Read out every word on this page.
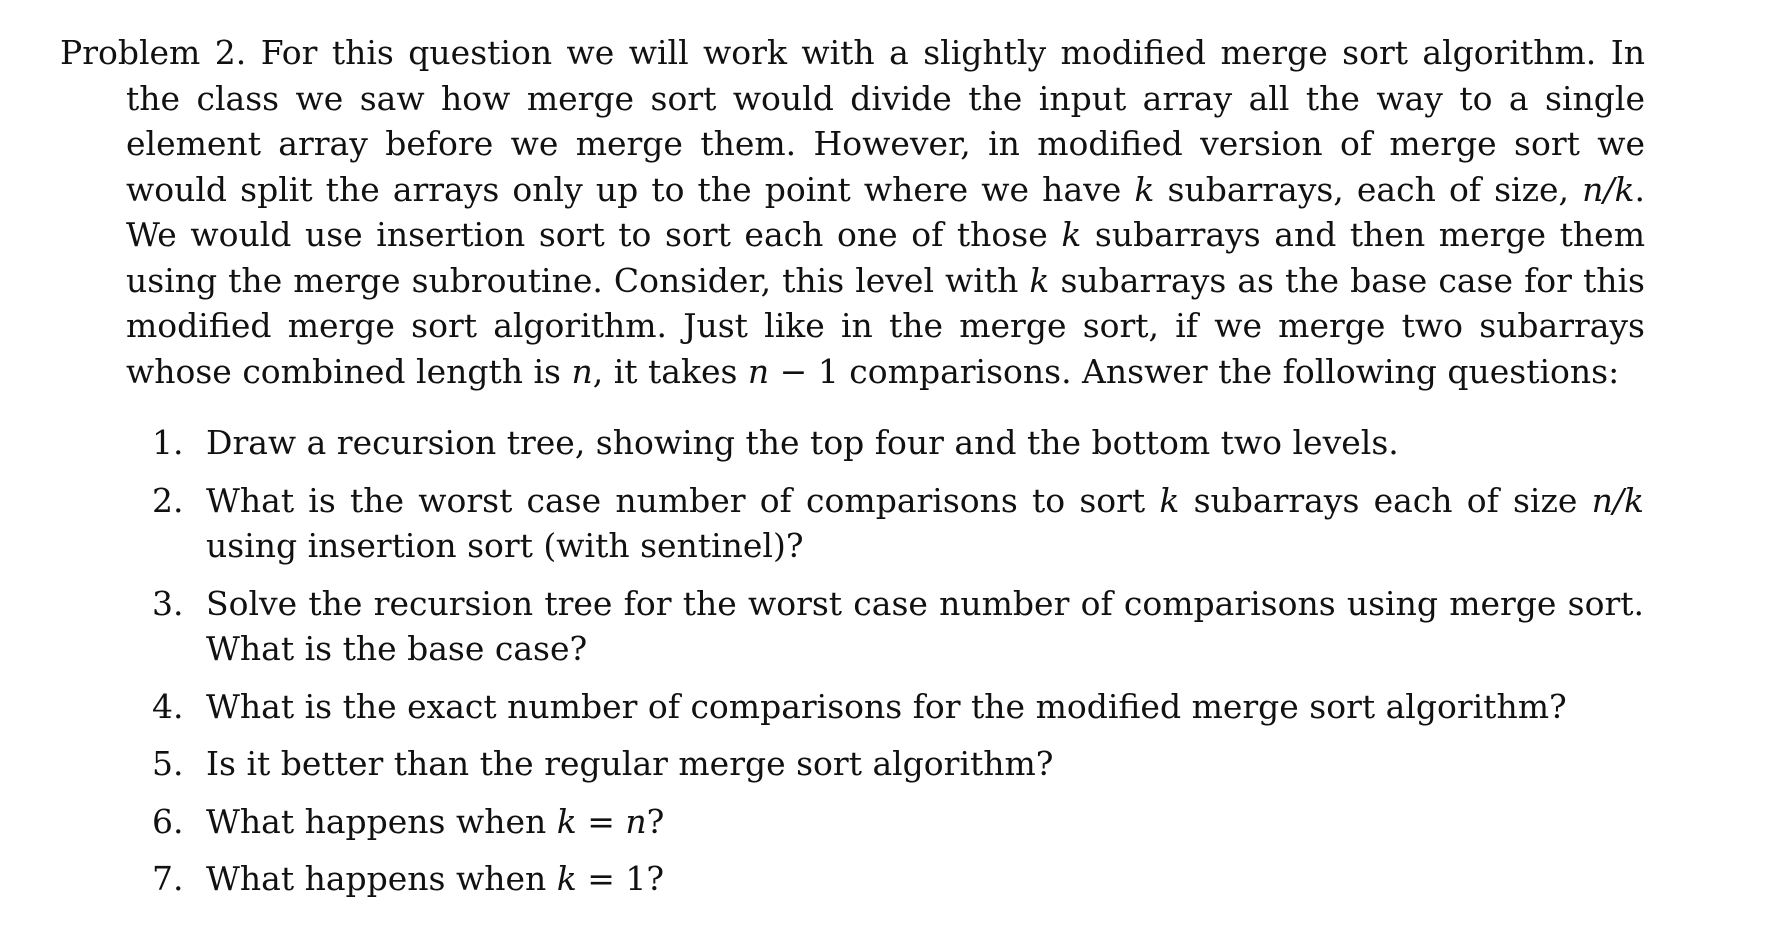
Problem 2. For this question we will work with a slightly modified merge sort algorithm. In the class we saw how merge sort would divide the input array all the way to a single element array before we merge them. However, in modified version of merge sort we would split the arrays only up to the point where we have k subarrays, each of size, n/k. We would use insertion sort to sort each one of those k subarrays and then merge them using the merge subroutine. Consider, this level with k subarrays as the base case for this modified merge sort algorithm. Just like in the merge sort, if we merge two subarrays whose combined length is n, it takes n − 1 comparisons. Answer the following questions:

1. Draw a recursion tree, showing the top four and the bottom two levels.
2. What is the worst case number of comparisons to sort k subarrays each of size n/k using insertion sort (with sentinel)?
3. Solve the recursion tree for the worst case number of comparisons using merge sort. What is the base case?
4. What is the exact number of comparisons for the modified merge sort algorithm?
5. Is it better than the regular merge sort algorithm?
6. What happens when k = n?
7. What happens when k = 1?
